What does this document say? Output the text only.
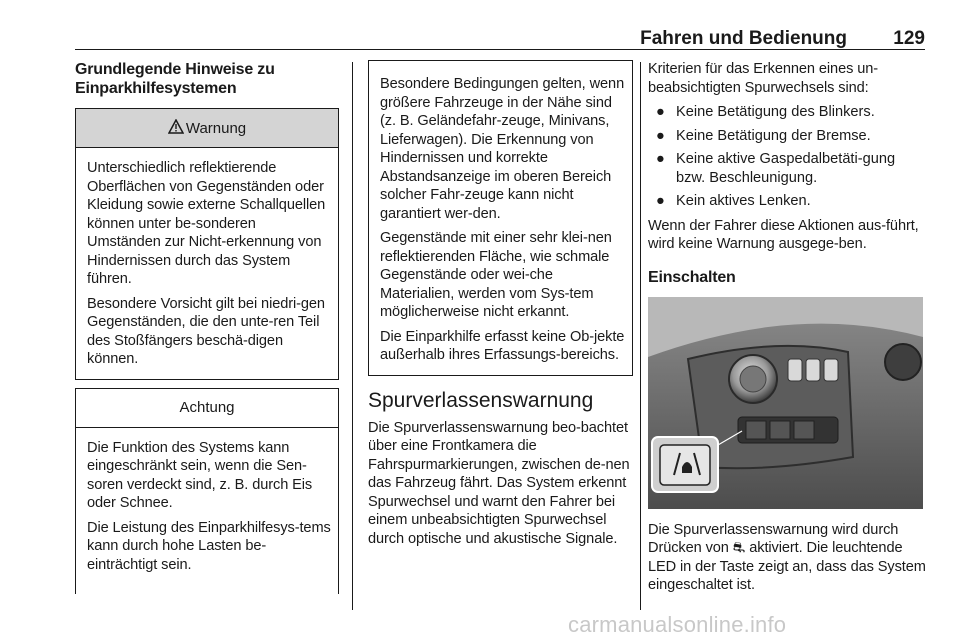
Fahren und Bedienung 129
Grundlegende Hinweise zu
Einparkhilfesystemen
Warnung

Unterschiedlich reflektierende Oberflächen von Gegenständen oder Kleidung sowie externe Schallquellen können unter be-sonderen Umständen zur Nicht-erkennung von Hindernissen durch das System führen.

Besondere Vorsicht gilt bei niedri-gen Gegenständen, die den unte-ren Teil des Stoßfängers beschä-digen können.

Achtung

Die Funktion des Systems kann eingeschränkt sein, wenn die Sen-soren verdeckt sind, z. B. durch Eis oder Schnee.

Die Leistung des Einparkhilfesys-tems kann durch hohe Lasten be-einträchtigt sein.

Besondere Bedingungen gelten, wenn größere Fahrzeuge in der Nähe sind (z. B. Geländefahr-zeuge, Minivans, Lieferwagen). Die Erkennung von Hindernissen und korrekte Abstandsanzeige im oberen Bereich solcher Fahr-zeuge kann nicht garantiert wer-den.

Gegenstände mit einer sehr klei-nen reflektierenden Fläche, wie schmale Gegenstände oder wei-che Materialien, werden vom Sys-tem möglicherweise nicht erkannt.

Die Einparkhilfe erfasst keine Ob-jekte außerhalb ihres Erfassungs-bereichs.

Spurverlassenswarnung

Die Spurverlassenswarnung beo-bachtet über eine Frontkamera die Fahrspurmarkierungen, zwischen de-nen das Fahrzeug fährt. Das System erkennt Spurwechsel und warnt den Fahrer bei einem unbeabsichtigten Spurwechsel durch optische und akustische Signale.

Kriterien für das Erkennen eines un-beabsichtigten Spurwechsels sind:

● Keine Betätigung des Blinkers.
● Keine Betätigung der Bremse.
● Keine aktive Gaspedalbetäti-gung bzw. Beschleunigung.
● Kein aktives Lenken.

Wenn der Fahrer diese Aktionen aus-führt, wird keine Warnung ausgege-ben.

Einschalten

Die Spurverlassenswarnung wird durch Drücken von ⛐ aktiviert. Die leuchtende LED in der Taste zeigt an, dass das System eingeschaltet ist.

carmanualsonline.info
